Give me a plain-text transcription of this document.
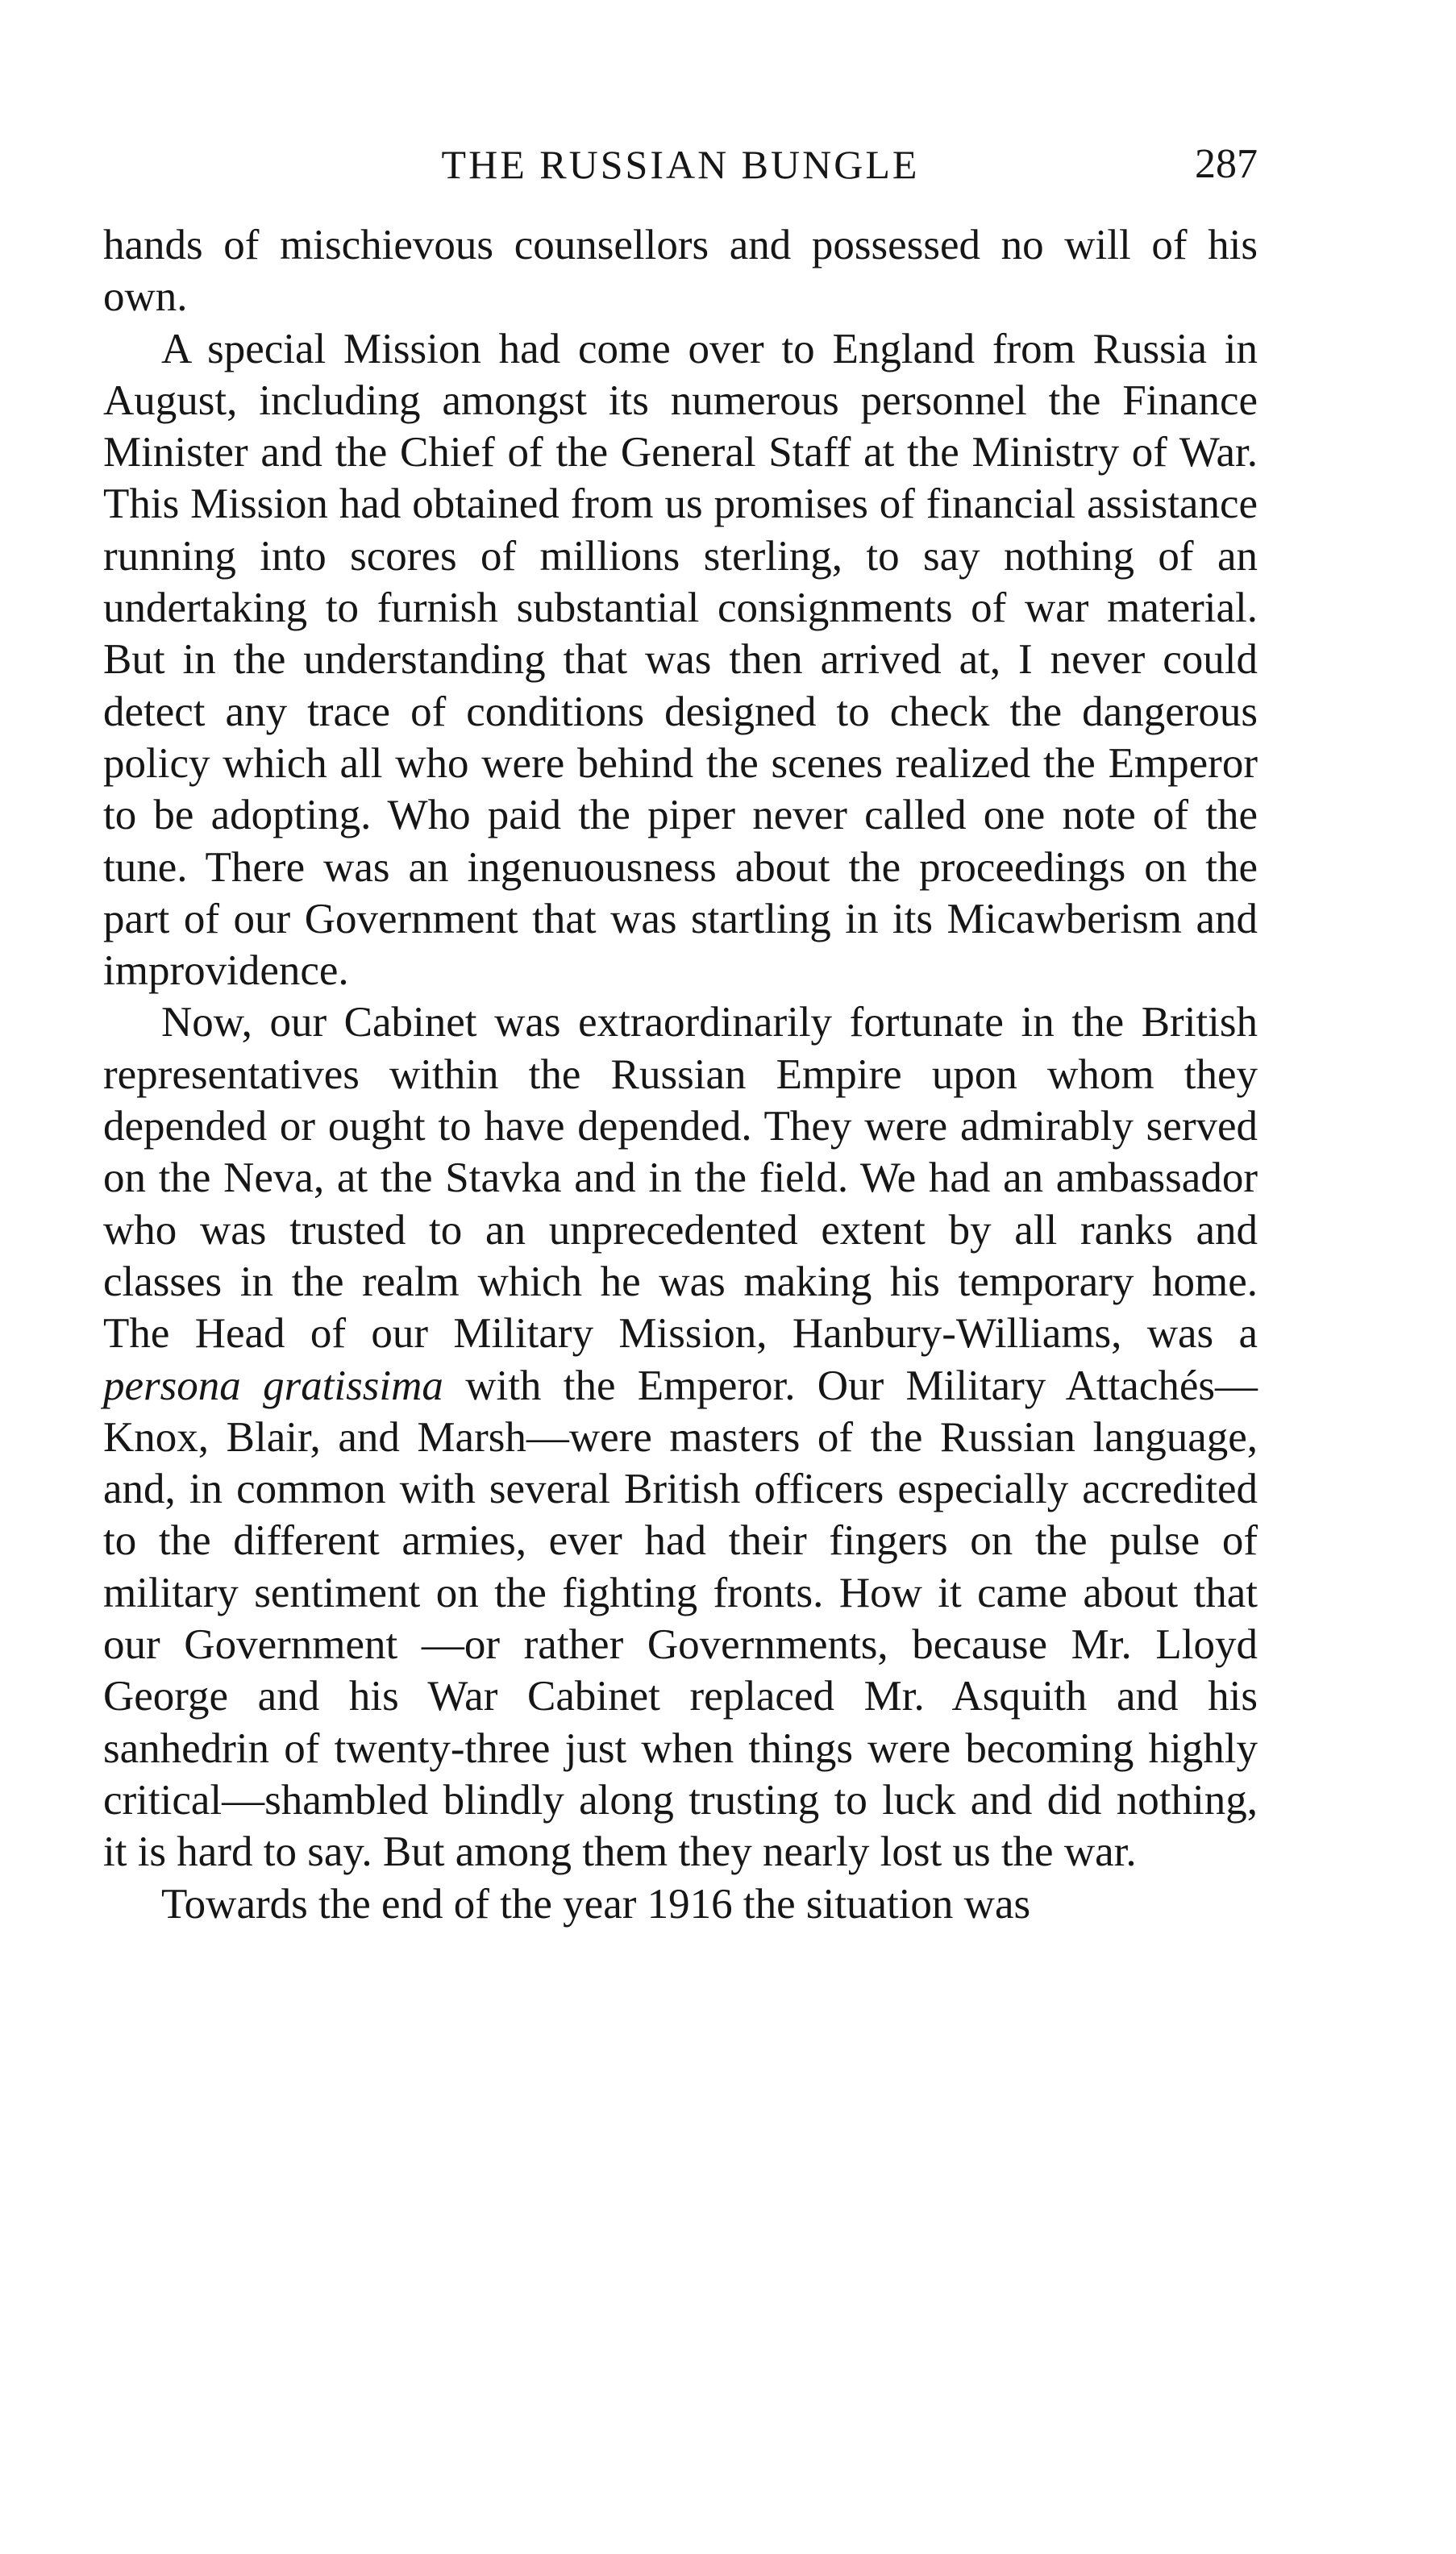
THE RUSSIAN BUNGLE	287

hands of mischievous counsellors and possessed no will of his own.

A special Mission had come over to England from Russia in August, including amongst its numerous personnel the Finance Minister and the Chief of the General Staff at the Ministry of War. This Mission had obtained from us promises of financial assistance running into scores of millions sterling, to say nothing of an undertaking to furnish substantial consignments of war material. But in the understanding that was then arrived at, I never could detect any trace of conditions designed to check the dangerous policy which all who were behind the scenes realized the Emperor to be adopting. Who paid the piper never called one note of the tune. There was an ingenuousness about the proceedings on the part of our Government that was startling in its Micawberism and improvidence.

Now, our Cabinet was extraordinarily fortunate in the British representatives within the Russian Empire upon whom they depended or ought to have depended. They were admirably served on the Neva, at the Stavka and in the field. We had an ambassador who was trusted to an unprecedented extent by all ranks and classes in the realm which he was making his temporary home. The Head of our Military Mission, Hanbury-Williams, was a persona gratissima with the Emperor. Our Military Attachés—Knox, Blair, and Marsh—were masters of the Russian language, and, in common with several British officers especially accredited to the different armies, ever had their fingers on the pulse of military sentiment on the fighting fronts. How it came about that our Government —or rather Governments, because Mr. Lloyd George and his War Cabinet replaced Mr. Asquith and his sanhedrin of twenty-three just when things were becoming highly critical—shambled blindly along trusting to luck and did nothing, it is hard to say. But among them they nearly lost us the war.

Towards the end of the year 1916 the situation was
